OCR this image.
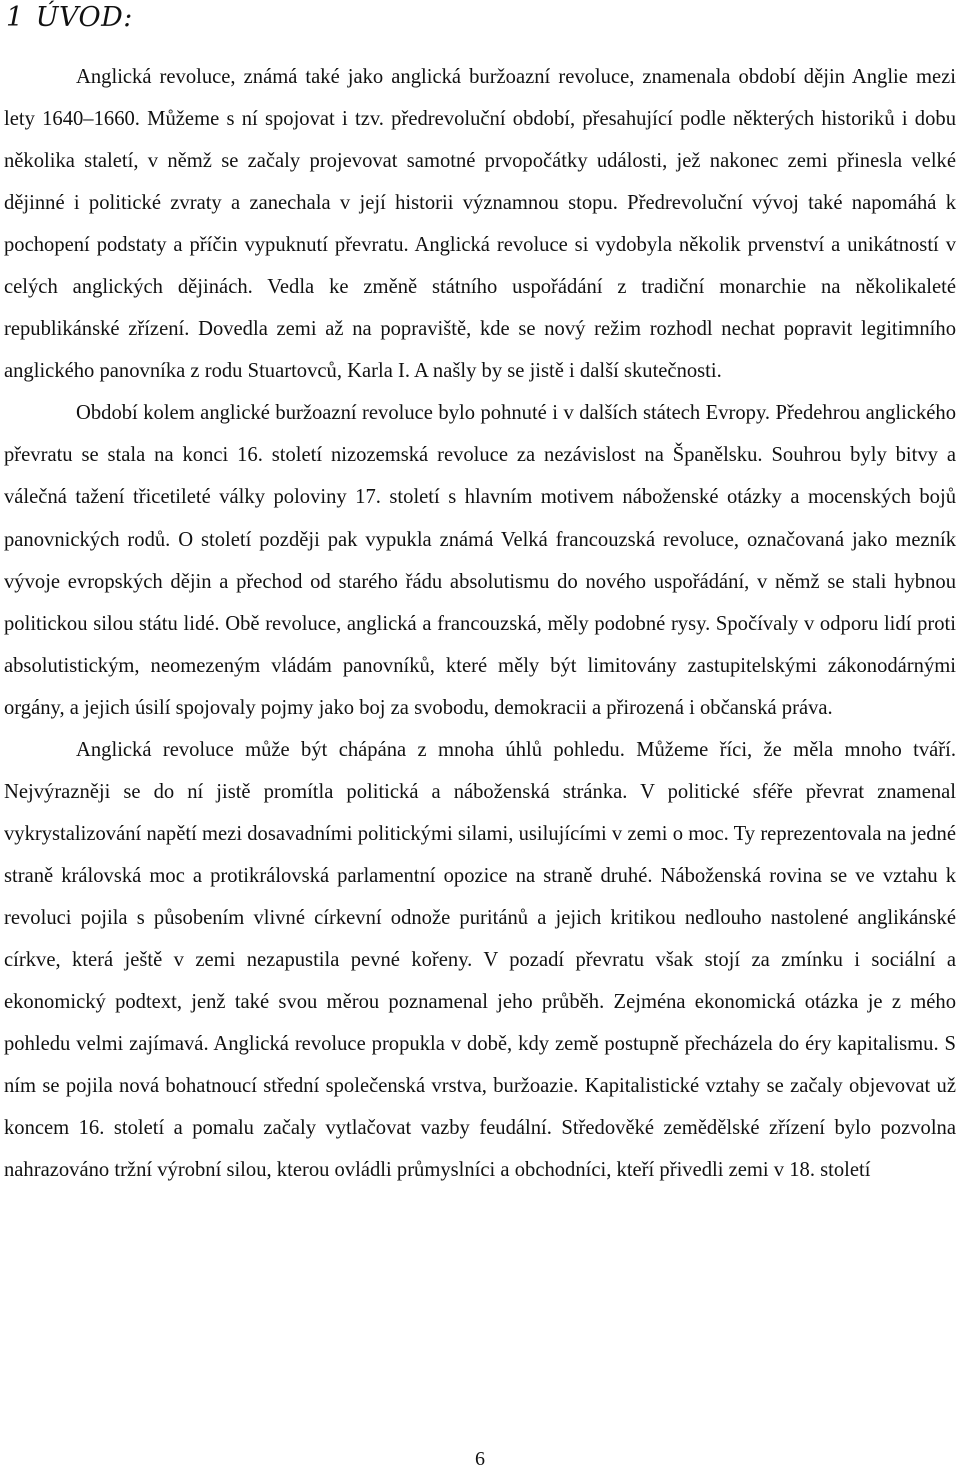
1 ÚVOD:

Anglická revoluce, známá také jako anglická buržoazní revoluce, znamenala období dějin Anglie mezi lety 1640–1660. Můžeme s ní spojovat i tzv. předrevoluční období, přesahující podle některých historiků i dobu několika staletí, v němž se začaly projevovat samotné prvopočátky události, jež nakonec zemi přinesla velké dějinné i politické zvraty a zanechala v její historii významnou stopu. Předrevoluční vývoj také napomáhá k pochopení podstaty a příčin vypuknutí převratu. Anglická revoluce si vydobyla několik prvenství a unikátností v celých anglických dějinách. Vedla ke změně státního uspořádání z tradiční monarchie na několikaleté republikánské zřízení. Dovedla zemi až na popraviště, kde se nový režim rozhodl nechat popravit legitimního anglického panovníka z rodu Stuartovců, Karla I. A našly by se jistě i další skutečnosti.

Období kolem anglické buržoazní revoluce bylo pohnuté i v dalších státech Evropy. Předehrou anglického převratu se stala na konci 16. století nizozemská revoluce za nezávislost na Španělsku. Souhrou byly bitvy a válečná tažení třicetileté války poloviny 17. století s hlavním motivem náboženské otázky a mocenských bojů panovnických rodů. O století později pak vypukla známá Velká francouzská revoluce, označovaná jako mezník vývoje evropských dějin a přechod od starého řádu absolutismu do nového uspořádání, v němž se stali hybnou politickou silou státu lidé. Obě revoluce, anglická a francouzská, měly podobné rysy. Spočívaly v odporu lidí proti absolutistickým, neomezeným vládám panovníků, které měly být limitovány zastupitelskými zákonodárnými orgány, a jejich úsilí spojovaly pojmy jako boj za svobodu, demokracii a přirozená i občanská práva.

Anglická revoluce může být chápána z mnoha úhlů pohledu. Můžeme říci, že měla mnoho tváří. Nejvýrazněji se do ní jistě promítla politická a náboženská stránka. V politické sféře převrat znamenal vykrystalizování napětí mezi dosavadními politickými silami, usilujícími v zemi o moc. Ty reprezentovala na jedné straně královská moc a protikrálovská parlamentní opozice na straně druhé. Náboženská rovina se ve vztahu k revoluci pojila s působením vlivné církevní odnože puritánů a jejich kritikou nedlouho nastolené anglikánské církve, která ještě v zemi nezapustila pevné kořeny. V pozadí převratu však stojí za zmínku i sociální a ekonomický podtext, jenž také svou měrou poznamenal jeho průběh. Zejména ekonomická otázka je z mého pohledu velmi zajímavá. Anglická revoluce propukla v době, kdy země postupně přecházela do éry kapitalismu. S ním se pojila nová bohatnoucí střední společenská vrstva, buržoazie. Kapitalistické vztahy se začaly objevovat už koncem 16. století a pomalu začaly vytlačovat vazby feudální. Středověké zemědělské zřízení bylo pozvolna nahrazováno tržní výrobní silou, kterou ovládli průmyslníci a obchodníci, kteří přivedli zemi v 18. století

6
